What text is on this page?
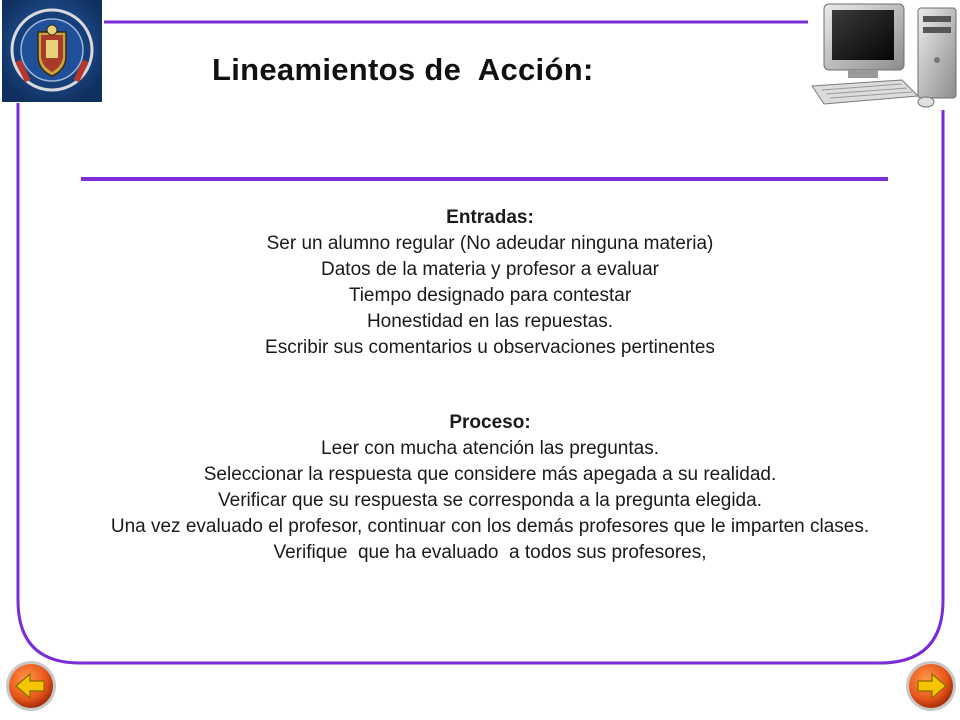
Lineamientos de  Acción:
Entradas:
Ser un alumno regular (No adeudar ninguna materia)
Datos de la materia y profesor a evaluar
Tiempo designado para contestar
Honestidad en las repuestas.
Escribir sus comentarios u observaciones pertinentes
Proceso:
Leer con mucha atención las preguntas.
Seleccionar la respuesta que considere más apegada a su realidad.
Verificar que su respuesta se corresponda a la pregunta elegida.
Una vez evaluado el profesor, continuar con los demás profesores que le imparten clases.
Verifique  que ha evaluado  a todos sus profesores,
